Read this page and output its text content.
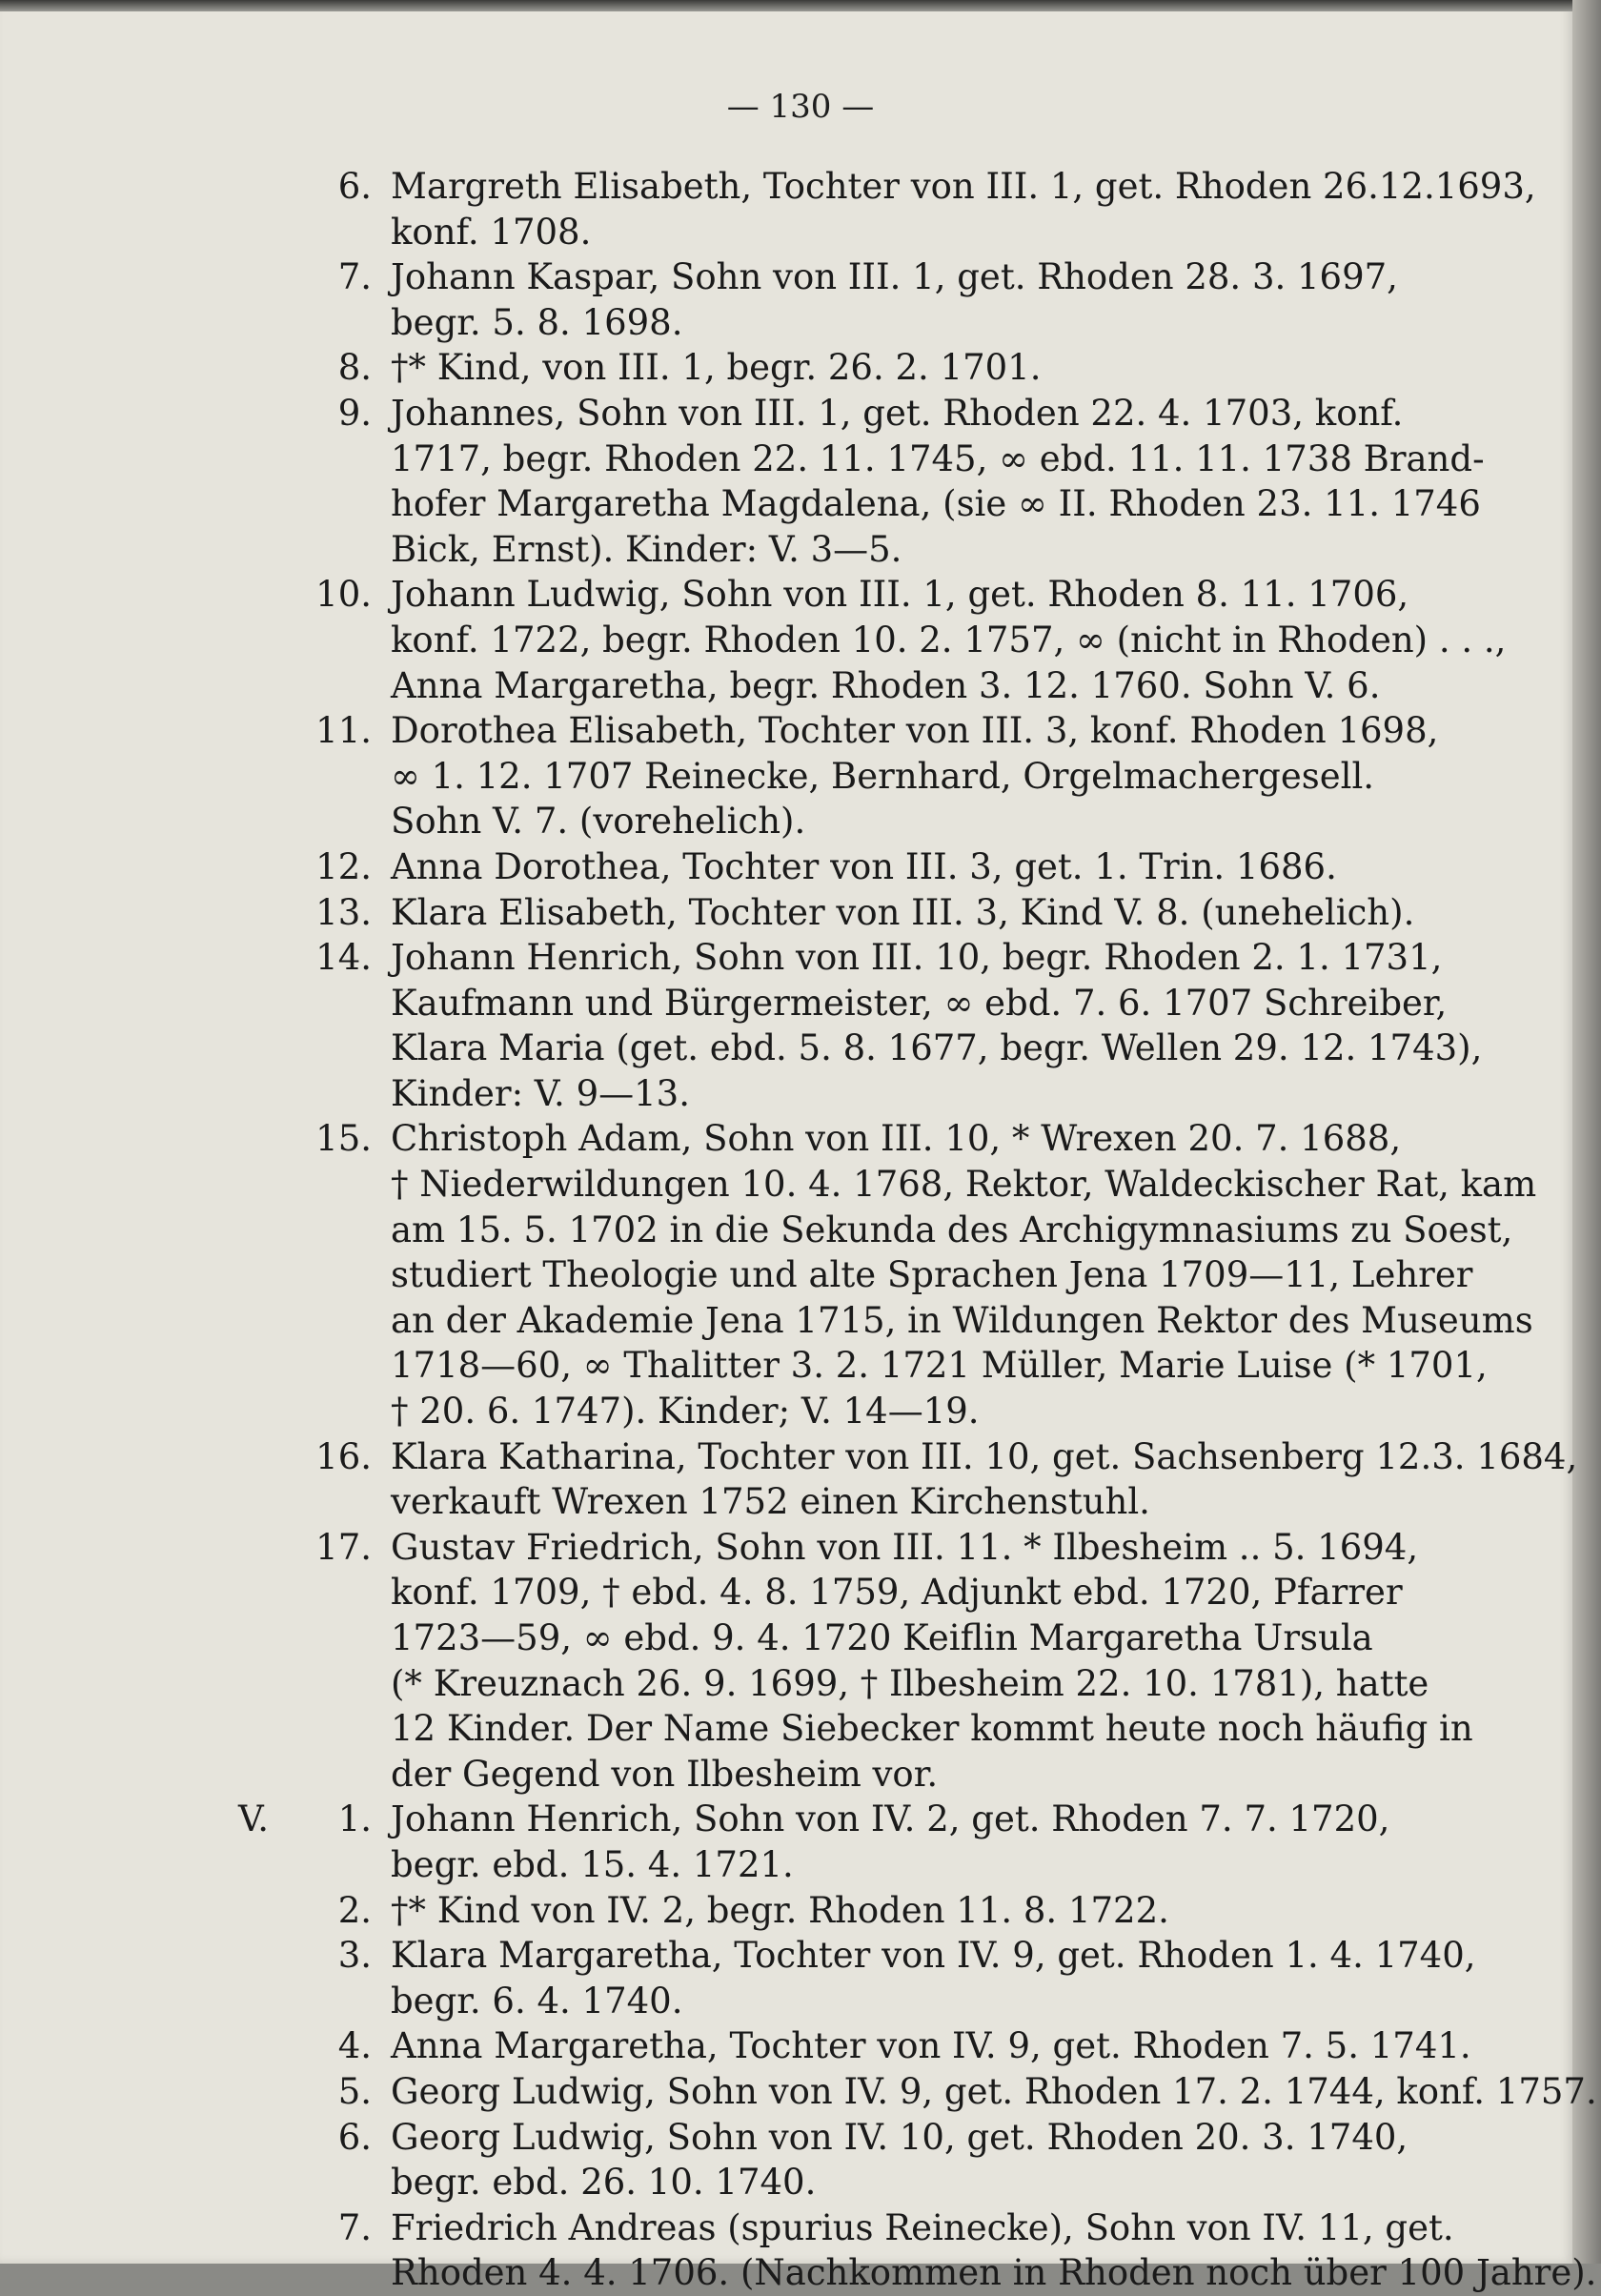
— 130 —
6. Margreth Elisabeth, Tochter von III. 1, get. Rhoden 26.12.1693,
konf. 1708.
7. Johann Kaspar, Sohn von III. 1, get. Rhoden 28. 3. 1697,
begr. 5. 8. 1698.
8. †* Kind, von III. 1, begr. 26. 2. 1701.
9. Johannes, Sohn von III. 1, get. Rhoden 22. 4. 1703, konf.
1717, begr. Rhoden 22. 11. 1745, ∞ ebd. 11. 11. 1738 Brand-
hofer Margaretha Magdalena, (sie ∞ II. Rhoden 23. 11. 1746
Bick, Ernst). Kinder: V. 3—5.
10. Johann Ludwig, Sohn von III. 1, get. Rhoden 8. 11. 1706,
konf. 1722, begr. Rhoden 10. 2. 1757, ∞ (nicht in Rhoden) . . .,
Anna Margaretha, begr. Rhoden 3. 12. 1760. Sohn V. 6.
11. Dorothea Elisabeth, Tochter von III. 3, konf. Rhoden 1698,
∞ 1. 12. 1707 Reinecke, Bernhard, Orgelmachergesell.
Sohn V. 7. (vorehelich).
12. Anna Dorothea, Tochter von III. 3, get. 1. Trin. 1686.
13. Klara Elisabeth, Tochter von III. 3, Kind V. 8. (unehelich).
14. Johann Henrich, Sohn von III. 10, begr. Rhoden 2. 1. 1731,
Kaufmann und Bürgermeister, ∞ ebd. 7. 6. 1707 Schreiber,
Klara Maria (get. ebd. 5. 8. 1677, begr. Wellen 29. 12. 1743),
Kinder: V. 9—13.
15. Christoph Adam, Sohn von III. 10, * Wrexen 20. 7. 1688,
† Niederwildungen 10. 4. 1768, Rektor, Waldeckischer Rat, kam
am 15. 5. 1702 in die Sekunda des Archigymnasiums zu Soest,
studiert Theologie und alte Sprachen Jena 1709—11, Lehrer
an der Akademie Jena 1715, in Wildungen Rektor des Museums
1718—60, ∞ Thalitter 3. 2. 1721 Müller, Marie Luise (* 1701,
† 20. 6. 1747). Kinder; V. 14—19.
16. Klara Katharina, Tochter von III. 10, get. Sachsenberg 12.3. 1684,
verkauft Wrexen 1752 einen Kirchenstuhl.
17. Gustav Friedrich, Sohn von III. 11. * Ilbesheim .. 5. 1694,
konf. 1709, † ebd. 4. 8. 1759, Adjunkt ebd. 1720, Pfarrer
1723—59, ∞ ebd. 9. 4. 1720 Keiflin Margaretha Ursula
(* Kreuznach 26. 9. 1699, † Ilbesheim 22. 10. 1781), hatte
12 Kinder. Der Name Siebecker kommt heute noch häufig in
der Gegend von Ilbesheim vor.
V.	1. Johann Henrich, Sohn von IV. 2, get. Rhoden 7. 7. 1720,
begr. ebd. 15. 4. 1721.
2. †* Kind von IV. 2, begr. Rhoden 11. 8. 1722.
3. Klara Margaretha, Tochter von IV. 9, get. Rhoden 1. 4. 1740,
begr. 6. 4. 1740.
4. Anna Margaretha, Tochter von IV. 9, get. Rhoden 7. 5. 1741.
5. Georg Ludwig, Sohn von IV. 9, get. Rhoden 17. 2. 1744, konf. 1757.
6. Georg Ludwig, Sohn von IV. 10, get. Rhoden 20. 3. 1740,
begr. ebd. 26. 10. 1740.
7. Friedrich Andreas (spurius Reinecke), Sohn von IV. 11, get.
Rhoden 4. 4. 1706. (Nachkommen in Rhoden noch über 100 Jahre).
